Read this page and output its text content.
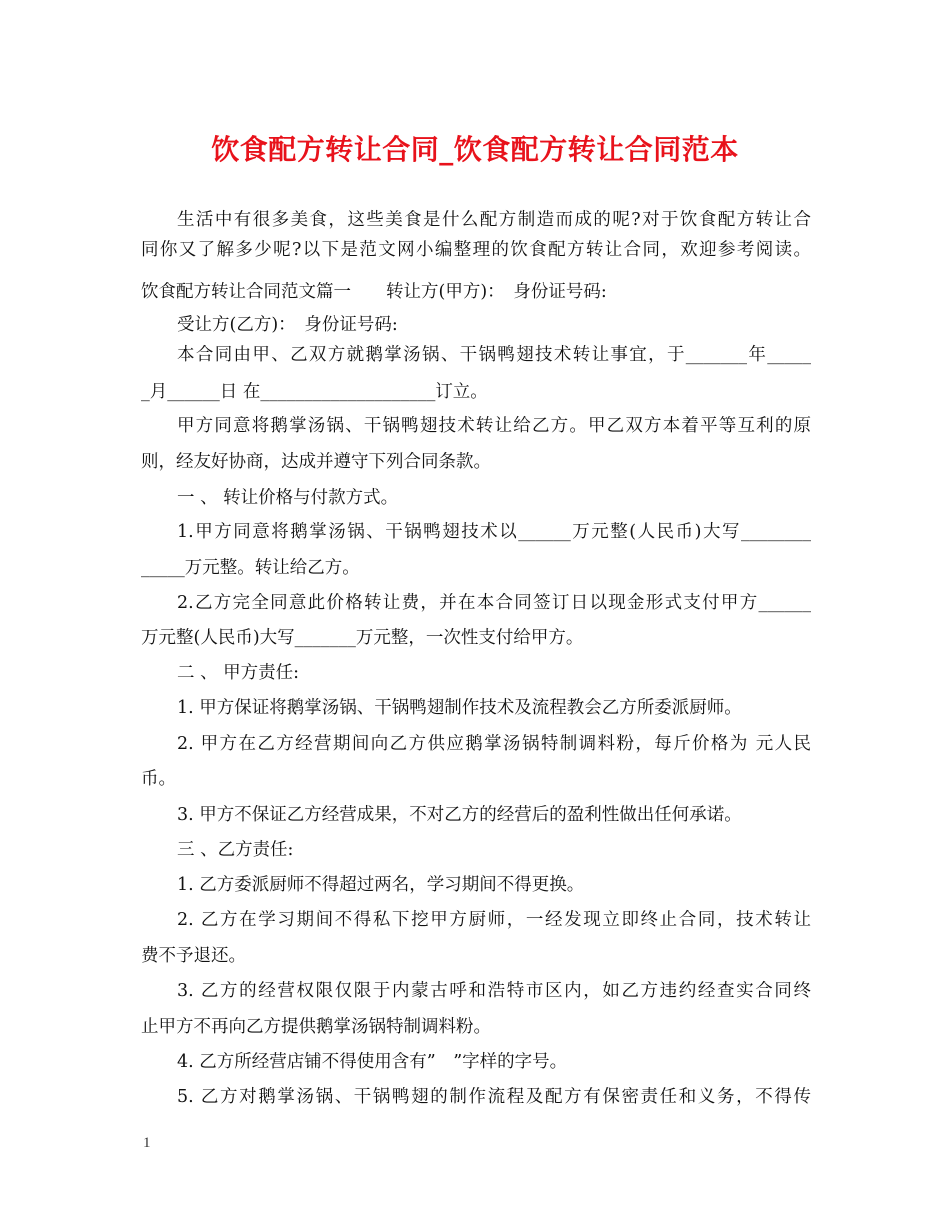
饮食配方转让合同_饮食配方转让合同范本
生活中有很多美食，这些美食是什么配方制造而成的呢?对于饮食配方转让合
同你又了解多少呢?以下是范文网小编整理的饮食配方转让合同，欢迎参考阅读。
饮食配方转让合同范文篇一　　转让方(甲方)：　身份证号码:
受让方(乙方)：　身份证号码:
本合同由甲、乙双方就鹅掌汤锅、干锅鸭翅技术转让事宜，于_______年_____
_月______日 在____________________订立。
甲方同意将鹅掌汤锅、干锅鸭翅技术转让给乙方。甲乙双方本着平等互利的原
则，经友好协商，达成并遵守下列合同条款。
一 、 转让价格与付款方式。
1.甲方同意将鹅掌汤锅、干锅鸭翅技术以______万元整(人民币)大写________
_____万元整。转让给乙方。
2.乙方完全同意此价格转让费，并在本合同签订日以现金形式支付甲方______
万元整(人民币)大写_______万元整，一次性支付给甲方。
二 、 甲方责任:
1. 甲方保证将鹅掌汤锅、干锅鸭翅制作技术及流程教会乙方所委派厨师。
2. 甲方在乙方经营期间向乙方供应鹅掌汤锅特制调料粉，每斤价格为 元人民
币。
3. 甲方不保证乙方经营成果，不对乙方的经营后的盈利性做出任何承诺。
三 、乙方责任:
1. 乙方委派厨师不得超过两名，学习期间不得更换。
2. 乙方在学习期间不得私下挖甲方厨师，一经发现立即终止合同，技术转让
费不予退还。
3. 乙方的经营权限仅限于内蒙古呼和浩特市区内，如乙方违约经查实合同终
止甲方不再向乙方提供鹅掌汤锅特制调料粉。
4. 乙方所经营店铺不得使用含有”　”字样的字号。
5. 乙方对鹅掌汤锅、干锅鸭翅的制作流程及配方有保密责任和义务，不得传
1
